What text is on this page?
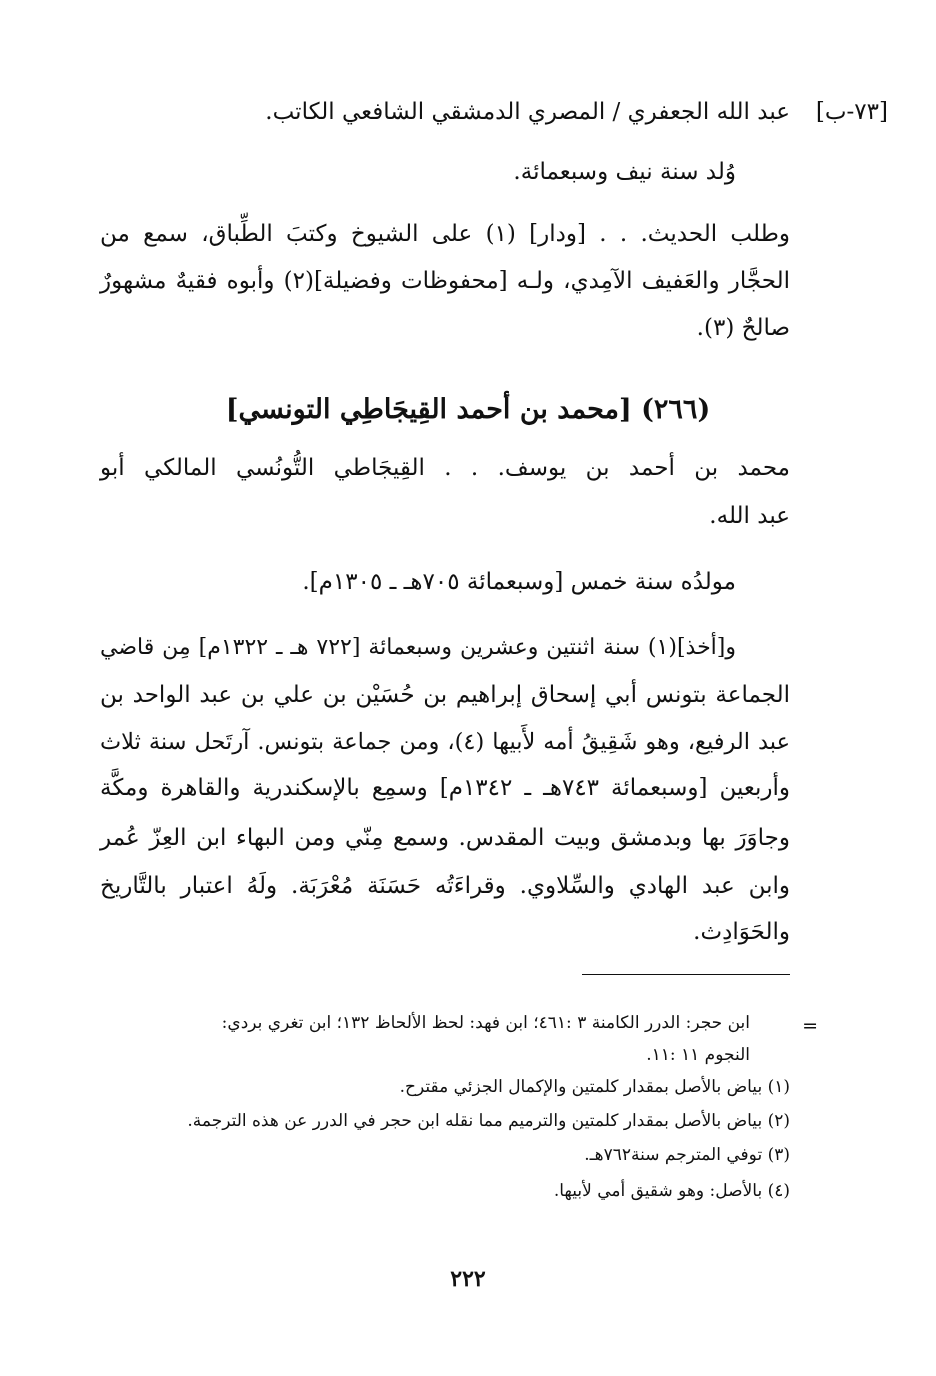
[٧٣-ب]
عبد الله الجعفري / المصري الدمشقي الشافعي الكاتب.
وُلد سنة نيف وسبعمائة.
وطلب الحديث. . . [ودار] (١) على الشيوخ وكتبَ الطِّباق، سمع من
الحجَّار والعَفيف الآمِدي، ولـه [محفوظات وفضيلة](٢) وأبوه فقيهٌ مشهورٌ
صالحٌ (٣).
(٢٦٦) [محمد بن أحمد القِيجَاطِي التونسي]
محمد بن أحمد بن يوسف. . . القِيجَاطي التُّونُسي المالكي أبو
عبد الله.
مولدُه سنة خمس [وسبعمائة ٧٠٥هـ ـ ١٣٠٥م].
و[أخذ](١) سنة اثنتين وعشرين وسبعمائة [٧٢٢ هـ ـ ١٣٢٢م] مِن قاضي
الجماعة بتونس أبي إسحاق إبراهيم بن حُسَيْن بن علي بن عبد الواحد بن
عبد الرفيع، وهو شَقِيقُ أمه لأَبيها (٤)، ومن جماعة بتونس. آرتَحل سنة ثلاث
وأربعين [وسبعمائة ٧٤٣هـ ـ ١٣٤٢م] وسمِع بالإسكندرية والقاهرة ومكَّة
وجاوَرَ بها وبدمشق وبيت المقدس. وسمع مِنّي ومن البهاء ابن العِزّ عُمر
وابن عبد الهادي والسِّلاوي. وقراءَتُه حَسَنَة مُعْرَبَة. ولَهُ اعتبار بالتَّاريخ
والحَوَادِث.
=
ابن حجر: الدرر الكامنة ٣ :٤٦١؛ ابن فهد: لحظ الألحاظ ١٣٢؛ ابن تغري بردي:
النجوم ١١ :١١.
(١) بياض بالأصل بمقدار كلمتين والإكمال الجزئي مقترح.
(٢) بياض بالأصل بمقدار كلمتين والترميم مما نقله ابن حجر في الدرر عن هذه الترجمة.
(٣) توفي المترجم سنة٧٦٢هـ.
(٤) بالأصل: وهو شقيق أمي لأبيها.
٢٢٢
